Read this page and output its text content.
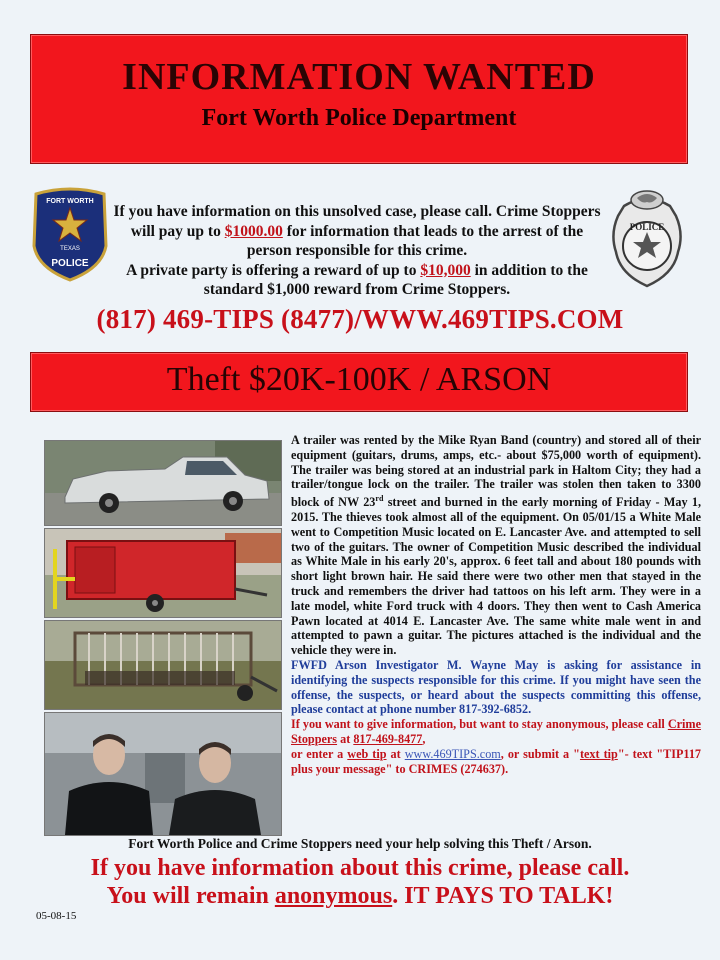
INFORMATION WANTED
Fort Worth Police Department
FORT WORTH
TEXAS
POLICE
POLICE
If you have information on this unsolved case, please call. Crime Stoppers will pay up to $1000.00 for information that leads to the arrest of the person responsible for this crime.
A private party is offering a reward of up to $10,000 in addition to the standard $1,000 reward from Crime Stoppers.
(817) 469-TIPS (8477)/WWW.469TIPS.COM
Theft $20K-100K / ARSON

A trailer was rented by the Mike Ryan Band (country) and stored all of their equipment (guitars, drums, amps, etc.- about $75,000 worth of equipment). The trailer was being stored at an industrial park in Haltom City; they had a trailer/tongue lock on the trailer. The trailer was stolen then taken to 3300 block of NW 23rd street and burned in the early morning of Friday - May 1, 2015. The thieves took almost all of the equipment. On 05/01/15 a White Male went to Competition Music located on E. Lancaster Ave. and attempted to sell two of the guitars. The owner of Competition Music described the individual as White Male in his early 20's, approx. 6 feet tall and about 180 pounds with short light brown hair. He said there were two other men that stayed in the truck and remembers the driver had tattoos on his left arm. They were in a late model, white Ford truck with 4 doors. They then went to Cash America Pawn located at 4014 E. Lancaster Ave. The same white male went in and attempted to pawn a guitar. The pictures attached is the individual and the vehicle they were in.

FWFD Arson Investigator M. Wayne May is asking for assistance in identifying the suspects responsible for this crime. If you might have seen the offense, the suspects, or heard about the suspects committing this offense, please contact at phone number 817-392-6852.

If you want to give information, but want to stay anonymous, please call Crime Stoppers at 817-469-8477,
or enter a web tip at www.469TIPS.com, or submit a "text tip"- text "TIP117 plus your message" to CRIMES (274637).

Fort Worth Police and Crime Stoppers need your help solving this Theft / Arson.
If you have information about this crime, please call.
You will remain anonymous. IT PAYS TO TALK!
05-08-15
